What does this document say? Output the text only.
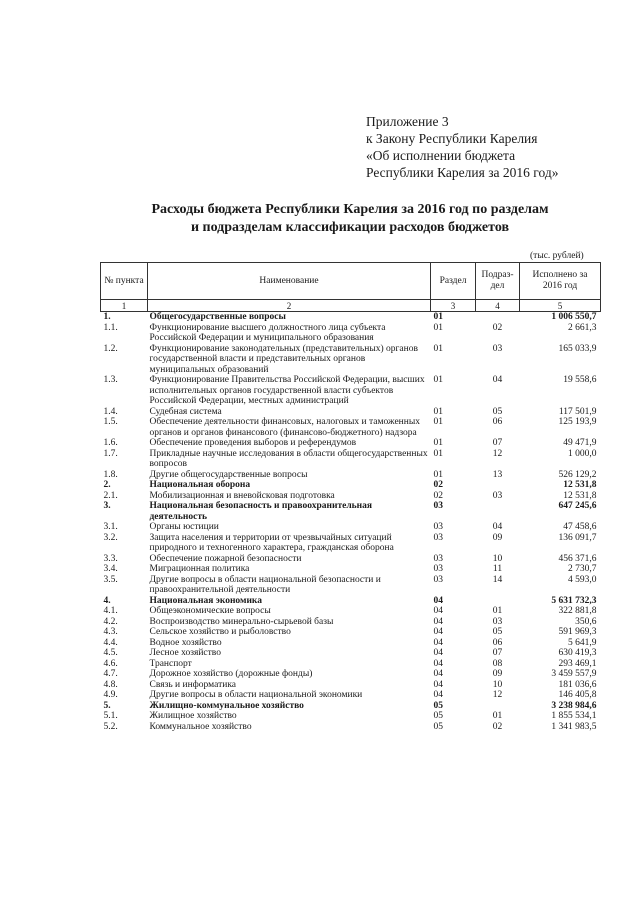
Приложение 3
к Закону Республики Карелия
«Об исполнении бюджета
Республики Карелия за 2016 год»
Расходы бюджета Республики Карелия за 2016 год по разделам
и подразделам классификации расходов бюджетов
(тыс. рублей)
№ пункта	Наименование	Раздел	Подраз-дел	Исполнено за 2016 год
1	2	3	4	5
1.	Общегосударственные вопросы	01		1 006 550,7
1.1.	Функционирование высшего должностного лица субъекта Российской Федерации и муниципального образования	01	02	2 661,3
1.2.	Функционирование законодательных (представительных) органов государственной власти и представительных органов муниципальных образований	01	03	165 033,9
1.3.	Функционирование Правительства Российской Федерации, высших исполнительных органов государственной власти субъектов Российской Федерации, местных администраций	01	04	19 558,6
1.4.	Судебная система	01	05	117 501,9
1.5.	Обеспечение деятельности финансовых, налоговых и таможенных органов и органов финансового (финансово-бюджетного) надзора	01	06	125 193,9
1.6.	Обеспечение проведения выборов и референдумов	01	07	49 471,9
1.7.	Прикладные научные исследования в области общегосударственных вопросов	01	12	1 000,0
1.8.	Другие общегосударственные вопросы	01	13	526 129,2
2.	Национальная оборона	02		12 531,8
2.1.	Мобилизационная и вневойсковая подготовка	02	03	12 531,8
3.	Национальная безопасность и правоохранительная деятельность	03		647 245,6
3.1.	Органы юстиции	03	04	47 458,6
3.2.	Защита населения и территории от чрезвычайных ситуаций природного и техногенного характера, гражданская оборона	03	09	136 091,7
3.3.	Обеспечение пожарной безопасности	03	10	456 371,6
3.4.	Миграционная политика	03	11	2 730,7
3.5.	Другие вопросы в области национальной безопасности и правоохранительной деятельности	03	14	4 593,0
4.	Национальная экономика	04		5 631 732,3
4.1.	Общеэкономические вопросы	04	01	322 881,8
4.2.	Воспроизводство минерально-сырьевой базы	04	03	350,6
4.3.	Сельское хозяйство и рыболовство	04	05	591 969,3
4.4.	Водное хозяйство	04	06	5 641,9
4.5.	Лесное хозяйство	04	07	630 419,3
4.6.	Транспорт	04	08	293 469,1
4.7.	Дорожное хозяйство (дорожные фонды)	04	09	3 459 557,9
4.8.	Связь и информатика	04	10	181 036,6
4.9.	Другие вопросы в области национальной экономики	04	12	146 405,8
5.	Жилищно-коммунальное хозяйство	05		3 238 984,6
5.1.	Жилищное хозяйство	05	01	1 855 534,1
5.2.	Коммунальное хозяйство	05	02	1 341 983,5
